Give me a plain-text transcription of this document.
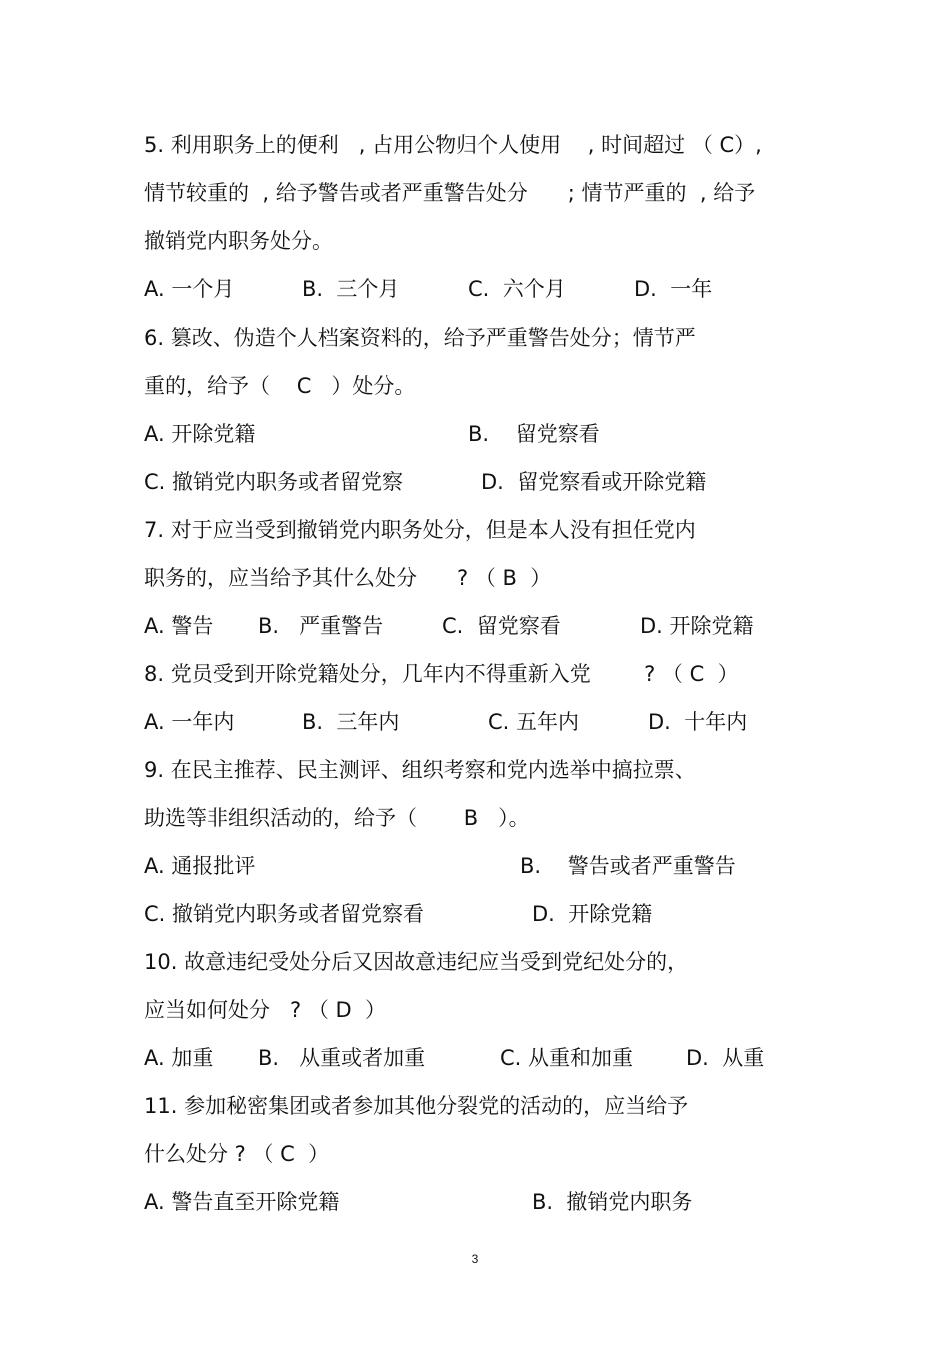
5. 利用职务上的便利   , 占用公物归个人使用    , 时间超过 （ C）,
情节较重的  , 给予警告或者严重警告处分      ; 情节严重的  , 给予
撤销党内职务处分。
A. 一个月	B.  三个月	C.  六个月	D.  一年
6. 篡改、伪造个人档案资料的，给予严重警告处分；情节严
重的，给予（    C   ）处分。
A. 开除党籍	B.    留党察看
C. 撤销党内职务或者留党察	D.  留党察看或开除党籍
7. 对于应当受到撤销党内职务处分，但是本人没有担任党内
职务的，应当给予其什么处分      ? （ B  ）
A. 警告 B.   严重警告	C.  留党察看	D. 开除党籍
8. 党员受到开除党籍处分，几年内不得重新入党        ? （ C  ）
A. 一年内	B.  三年内	C. 五年内	D.  十年内
9. 在民主推荐、民主测评、组织考察和党内选举中搞拉票、
助选等非组织活动的，给予（       B   ）。
A. 通报批评	B.    警告或者严重警告
C. 撤销党内职务或者留党察看	D.  开除党籍
10. 故意违纪受处分后又因故意违纪应当受到党纪处分的，
应当如何处分   ? （ D  ）
A. 加重 B.   从重或者加重	C. 从重和加重	D.  从重
11. 参加秘密集团或者参加其他分裂党的活动的，应当给予
什么处分 ? （ C  ）
A. 警告直至开除党籍	B.  撤销党内职务
3
